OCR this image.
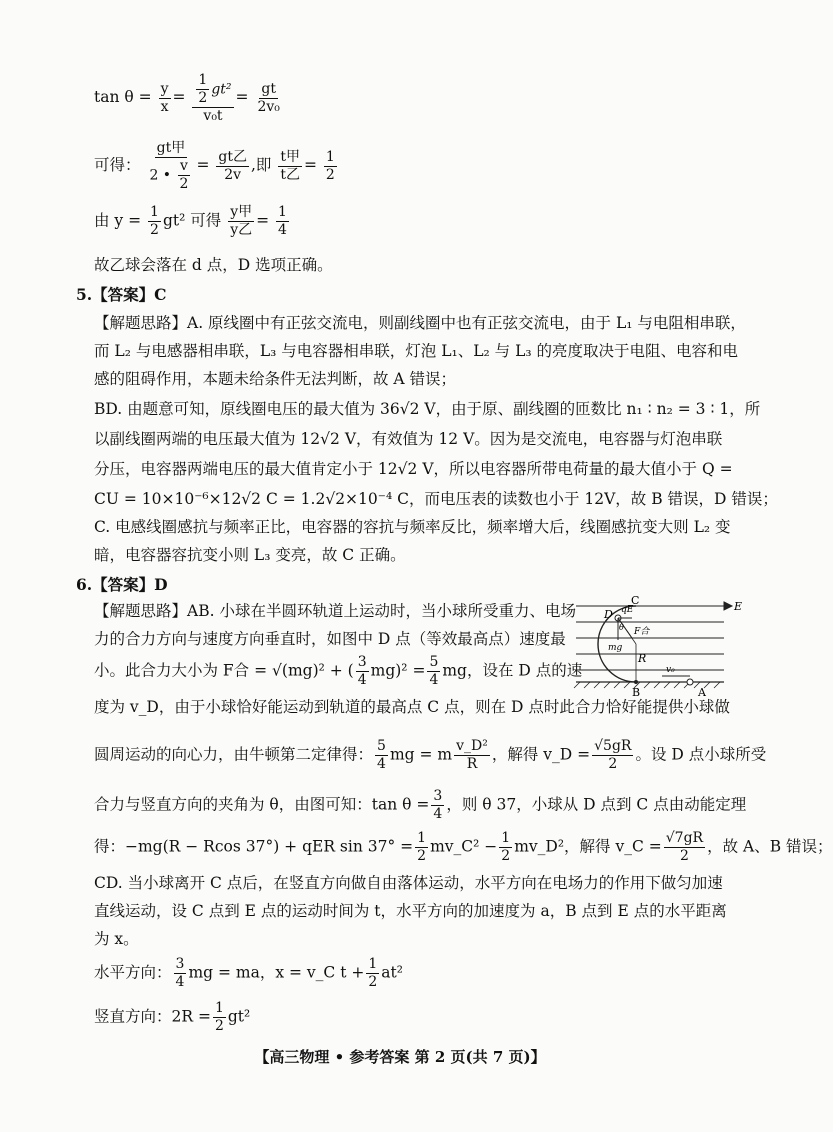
$\tan \theta = \frac{y}{x} = \frac{\frac{1}{2} gt^2}{\text{v₀t}} = \frac{gt}{\text{2v₀}}$
可得： $\frac{\text{gt甲}}{2 • \frac{v}{2}} = \frac{\text{gt乙}}{2v}$ ,即 $\frac{\text{t甲}}{\text{t乙}} = \frac{1}{2}$
由 $y = \frac{1}{2} gt^2$ 可得 $\frac{\text{y甲}}{\text{y乙}} = \frac{1}{4}$
故乙球会落在 d 点，D 选项正确。
5.【答案】C
【解题思路】A. 原线圈中有正弦交流电，则副线圈中也有正弦交流电，由于 L₁ 与电阻相串联，
而 L₂ 与电感器相串联，L₃ 与电容器相串联，灯泡 L₁、L₂ 与 L₃ 的亮度取决于电阻、电容和电
感的阻碍作用，本题未给条件无法判断，故 A 错误；
BD. 由题意可知，原线圈电压的最大值为 36√2 V，由于原、副线圈的匝数比 n₁ ∶ n₂ = 3 ∶ 1，所
以副线圈两端的电压最大值为 12√2 V，有效值为 12 V。因为是交流电，电容器与灯泡串联
分压，电容器两端电压的最大值肯定小于 12√2 V，所以电容器所带电荷量的最大值小于 Q =
CU = 10×10⁻⁶×12√2 C = 1.2√2×10⁻⁴ C，而电压表的读数也小于 12V，故 B 错误，D 错误；
C. 电感线圈感抗与频率正比，电容器的容抗与频率反比，频率增大后，线圈感抗变大则 L₂ 变
暗，电容器容抗变小则 L₃ 变亮，故 C 正确。
6.【答案】D
【解题思路】AB. 小球在半圆环轨道上运动时，当小球所受重力、电场
力的合力方向与速度方向垂直时，如图中 D 点（等效最高点）速度最
小。此合力大小为 F合 = √(mg)² + ( $\frac{3}{4} mg)^2 = \frac{5}{4}$ mg，设在 D 点的速
度为 v_D，由于小球恰好能运动到轨道的最高点 C 点，则在 D 点时此合力恰好能提供小球做
圆周运动的向心力，由牛顿第二定律得： $\frac{5}{4}$ mg = m $\frac{\text{v\_D²}}{R}$ ，解得 v_D = $\frac{√5gR}{2}$ 。设 D 点小球所受
合力与竖直方向的夹角为 θ，由图可知：$\tan \theta = \frac{3}{4}$ ，则 θ 37，小球从 D 点到 C 点由动能定理
得：−mg(R − Rcos 37°) + qER $\sin 37^\circ = \frac{1}{2}$ mv_C² − $\frac{1}{2}$ mv_D²，解得 v_C = $\frac{√7gR}{2}$ ，故 A、B 错误；
CD. 当小球离开 C 点后，在竖直方向做自由落体运动，水平方向在电场力的作用下做匀加速
直线运动，设 C 点到 E 点的运动时间为 t，水平方向的加速度为 a，B 点到 E 点的水平距离
为 x。
水平方向： $\frac{3}{4}$ mg = ma，x = v_C $t + \frac{1}{2} at^2$
竖直方向：$2R = \frac{1}{2} gt^2$
C
D
E
R
B	A
mg
qE
F合
θ
v₀
【高三物理 • 参考答案 第 2 页(共 7 页)】
